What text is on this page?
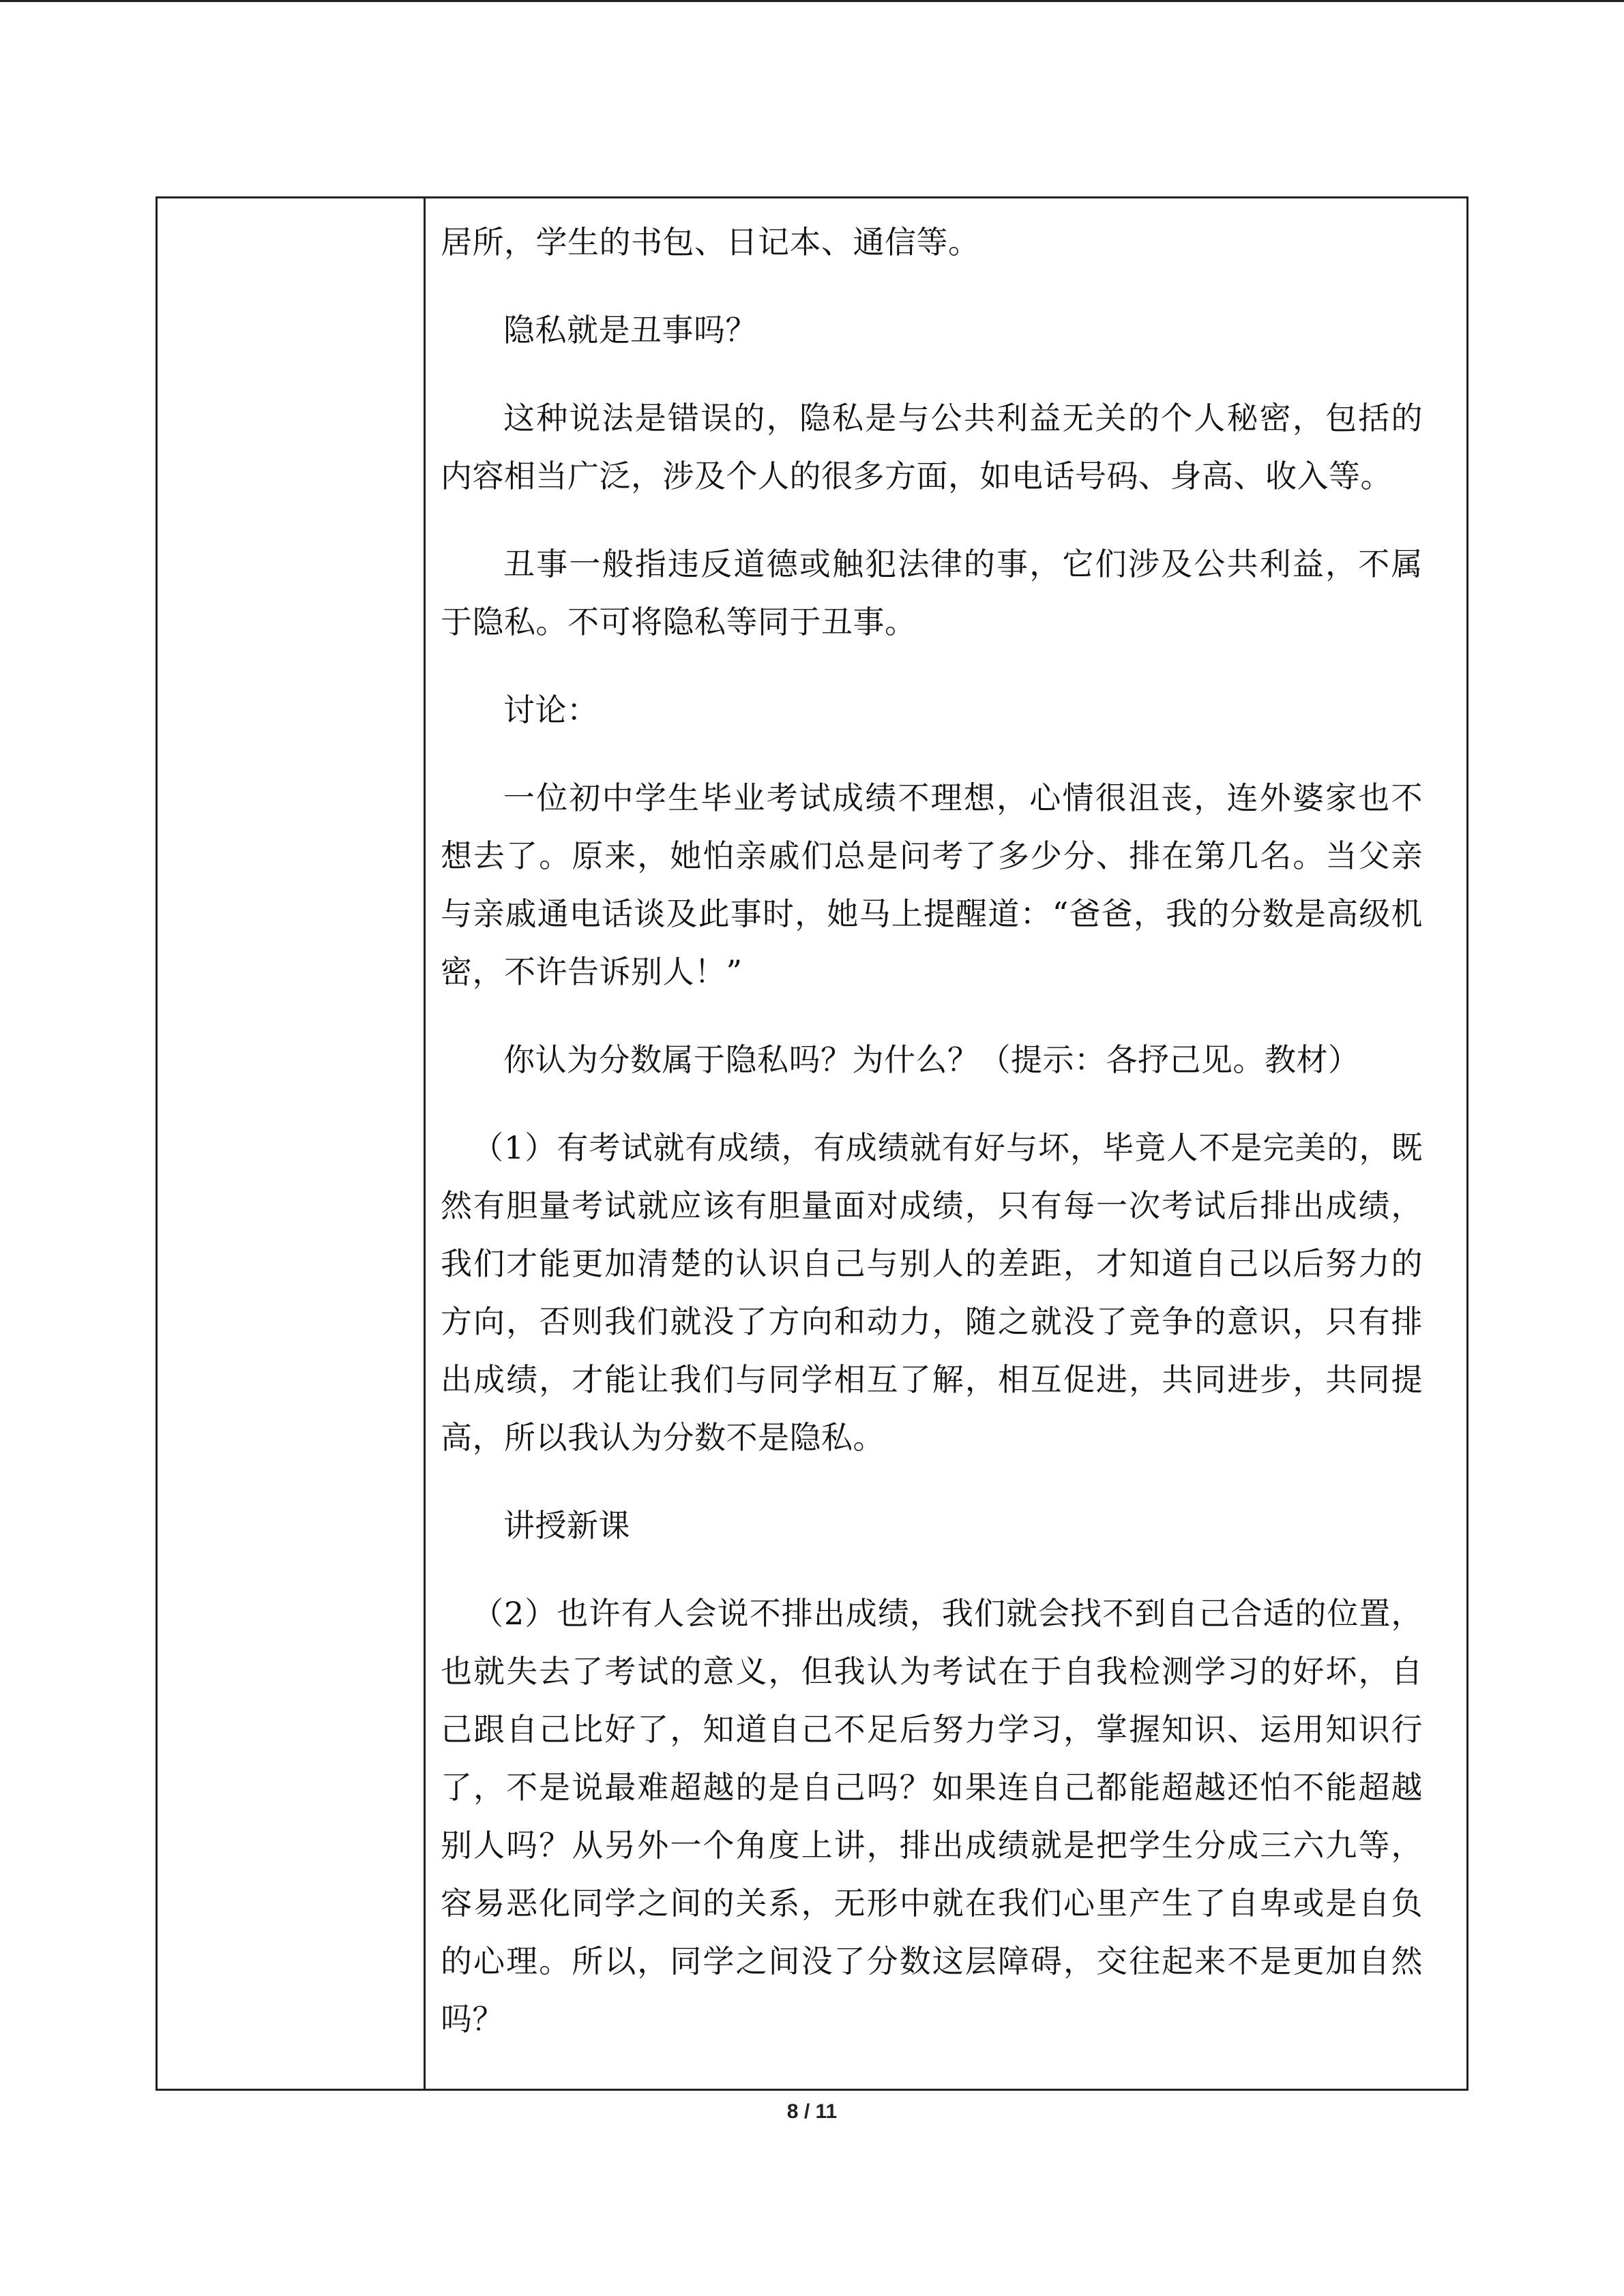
居所，学生的书包、日记本、通信等。

隐私就是丑事吗？

这种说法是错误的，隐私是与公共利益无关的个人秘密，包括的内容相当广泛，涉及个人的很多方面，如电话号码、身高、收入等。

丑事一般指违反道德或触犯法律的事，它们涉及公共利益，不属于隐私。不可将隐私等同于丑事。

讨论：

一位初中学生毕业考试成绩不理想，心情很沮丧，连外婆家也不想去了。原来，她怕亲戚们总是问考了多少分、排在第几名。当父亲与亲戚通电话谈及此事时，她马上提醒道：“爸爸，我的分数是高级机密，不许告诉别人！”

你认为分数属于隐私吗？为什么？（提示：各抒己见。教材）

（1）有考试就有成绩，有成绩就有好与坏，毕竟人不是完美的，既然有胆量考试就应该有胆量面对成绩，只有每一次考试后排出成绩，我们才能更加清楚的认识自己与别人的差距，才知道自己以后努力的方向，否则我们就没了方向和动力，随之就没了竞争的意识，只有排出成绩，才能让我们与同学相互了解，相互促进，共同进步，共同提高，所以我认为分数不是隐私。

讲授新课

（2）也许有人会说不排出成绩，我们就会找不到自己合适的位置，也就失去了考试的意义，但我认为考试在于自我检测学习的好坏，自己跟自己比好了，知道自己不足后努力学习，掌握知识、运用知识行了，不是说最难超越的是自己吗？如果连自己都能超越还怕不能超越别人吗？从另外一个角度上讲，排出成绩就是把学生分成三六九等，容易恶化同学之间的关系，无形中就在我们心里产生了自卑或是自负的心理。所以，同学之间没了分数这层障碍，交往起来不是更加自然吗？

8 / 11
